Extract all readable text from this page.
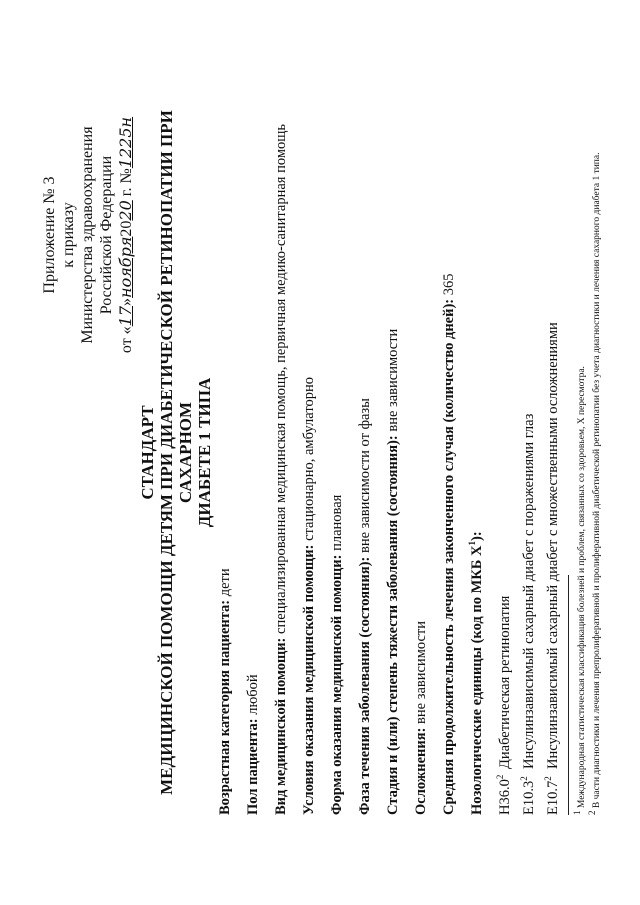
Приложение № 3 к приказу Министерства здравоохранения Российской Федерации
от «17»ноября2020 г. №1225н
СТАНДАРТ МЕДИЦИНСКОЙ ПОМОЩИ ДЕТЯМ ПРИ ДИАБЕТИЧЕСКОЙ РЕТИНОПАТИИ ПРИ САХАРНОМ ДИАБЕТЕ 1 ТИПА
Возрастная категория пациента: дети
Пол пациента: любой Вид медицинской помощи: специализированная медицинская помощь, первичная медико-санитарная помощь
Условия оказания медицинской помощи: стационарно, амбулаторно
Форма оказания медицинской помощи: плановая
Фаза течения заболевания (состояния): вне зависимости от фазы Стадия и (или) степень тяжести заболевания (состояния): вне зависимости
Осложнения: вне зависимости Средняя продолжительность лечения законченного случая (количество дней): 365
Нозологические единицы (код по МКБ $X^1$):
H36.0$^2$
Диабетическая ретинопатия
E10.3$^2$
Инсулинзависимый сахарный диабет с поражениями глаз
E10.7$^2$
Инсулинзависимый сахарный диабет с множественными осложнениями
$^1$ Международная статистическая классификация болезней и проблем, связанных со здоровьем, X пересмотра.
$^2$ В части диагностики и лечения препролиферативной и пролиферативной диабетической ретинопатии без учета диагностики и лечения сахарного диабета 1 типа.
